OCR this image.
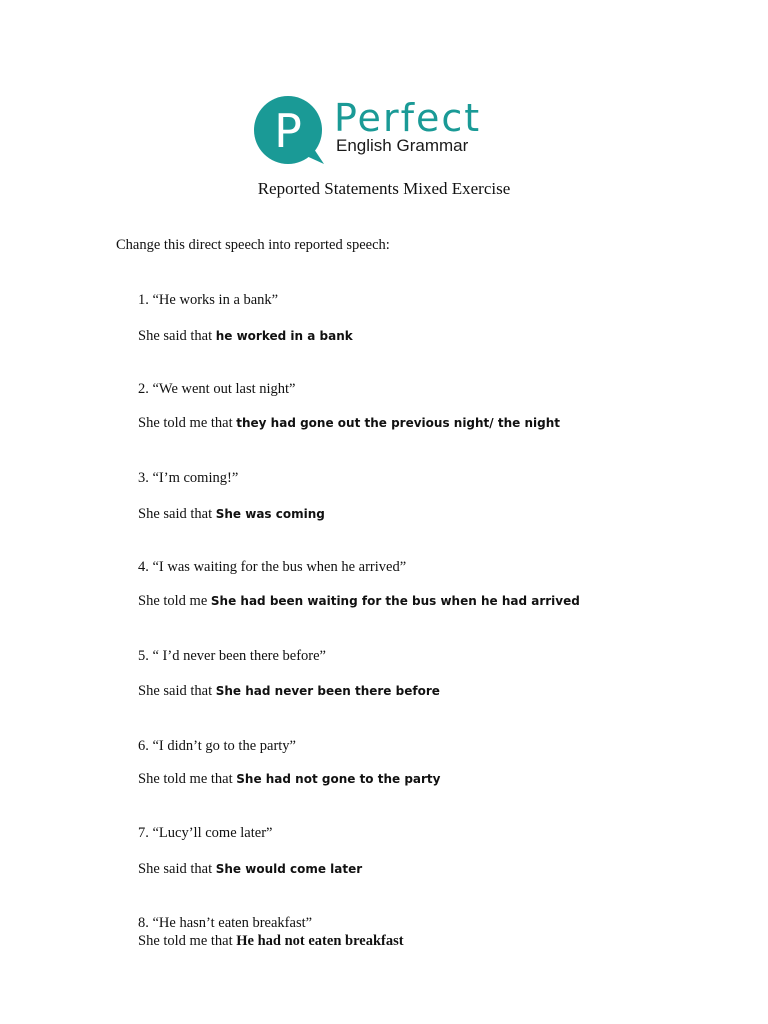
P Perfect
English Grammar
Reported Statements Mixed Exercise
Change this direct speech into reported speech:
1. “He works in a bank”
She said that he worked in a bank
2. “We went out last night”
She told me that they had gone out the previous night/ the night
3. “I’m coming!”
She said that She was coming
4. “I was waiting for the bus when he arrived”
She told me She had been waiting for the bus when he had arrived
5. “ I’d never been there before”
She said that She had never been there before
6. “I didn’t go to the party”
She told me that She had not gone to the party
7. “Lucy’ll come later”
She said that She would come later
8. “He hasn’t eaten breakfast”
She told me that He had not eaten breakfast
